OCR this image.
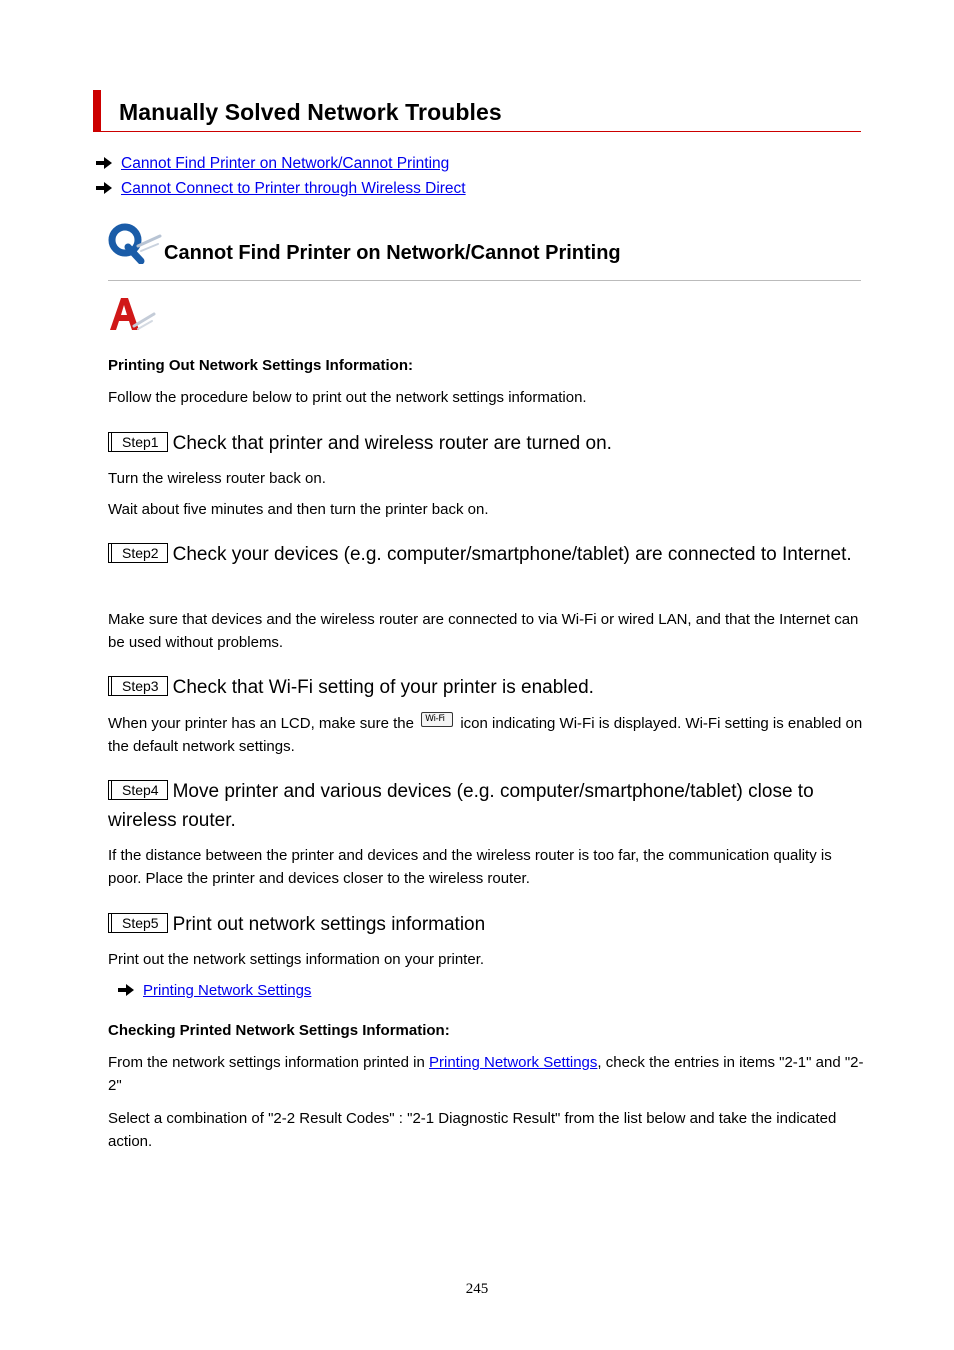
Manually Solved Network Troubles
Cannot Find Printer on Network/Cannot Printing
Cannot Connect to Printer through Wireless Direct
Cannot Find Printer on Network/Cannot Printing
Printing Out Network Settings Information:
Follow the procedure below to print out the network settings information.
Step1 Check that printer and wireless router are turned on.
Turn the wireless router back on.
Wait about five minutes and then turn the printer back on.
Step2 Check your devices (e.g. computer/smartphone/tablet) are connected to Internet.
Make sure that devices and the wireless router are connected to via Wi-Fi or wired LAN, and that the Internet can be used without problems.
Step3 Check that Wi-Fi setting of your printer is enabled.
When your printer has an LCD, make sure the Wi-Fi icon indicating Wi-Fi is displayed. Wi-Fi setting is enabled on the default network settings.
Step4 Move printer and various devices (e.g. computer/smartphone/tablet) close to wireless router.
If the distance between the printer and devices and the wireless router is too far, the communication quality is poor. Place the printer and devices closer to the wireless router.
Step5 Print out network settings information
Print out the network settings information on your printer.
Printing Network Settings
Checking Printed Network Settings Information:
From the network settings information printed in Printing Network Settings, check the entries in items "2-1" and "2-2"
Select a combination of "2-2 Result Codes" : "2-1 Diagnostic Result" from the list below and take the indicated action.
245
